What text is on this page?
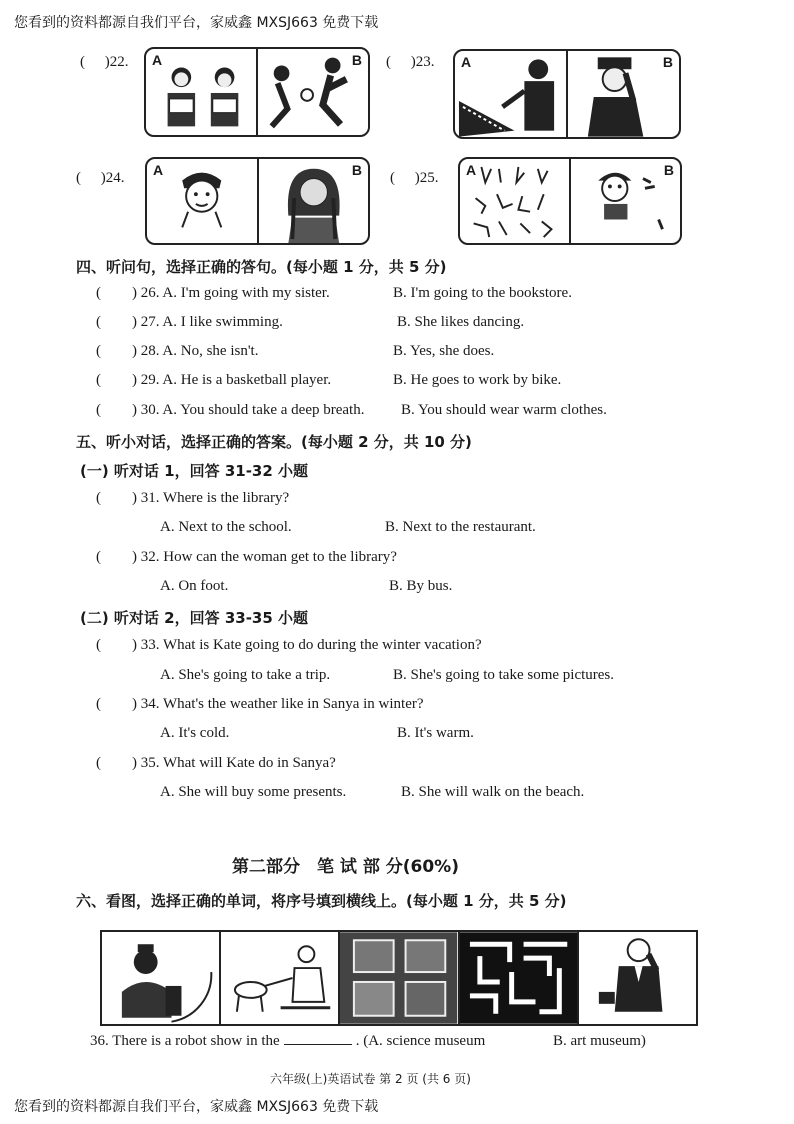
您看到的资料都源自我们平台，家威鑫 MXSJ663 免费下载
( )22. A	B ( )23. A	B
( )24. A	B ( )25. A	B
四、听问句，选择正确的答句。(每小题 1 分，共 5 分)
( ) 26. A. I'm going with my sister.	B. I'm going to the bookstore.
( ) 27. A. I like swimming.	B. She likes dancing.
( ) 28. A. No, she isn't.	B. Yes, she does.
( ) 29. A. He is a basketball player.	B. He goes to work by bike.
( ) 30. A. You should take a deep breath. B. You should wear warm clothes.
五、听小对话，选择正确的答案。(每小题 2 分，共 10 分)
(一) 听对话 1，回答 31-32 小题
( ) 31. Where is the library?
A. Next to the school.	B. Next to the restaurant.
( ) 32. How can the woman get to the library?
A. On foot.	B. By bus.
(二) 听对话 2，回答 33-35 小题
( ) 33. What is Kate going to do during the winter vacation?
A. She's going to take a trip.	B. She's going to take some pictures.
( ) 34. What's the weather like in Sanya in winter?
A. It's cold.	B. It's warm.
( ) 35. What will Kate do in Sanya?
A. She will buy some presents.	B. She will walk on the beach.
第二部分　笔 试 部 分(60%)
六、看图，选择正确的单词，将序号填到横线上。(每小题 1 分，共 5 分)
36. There is a robot show in the	. (A. science museum	B. art museum)
六年级(上)英语试卷 第 2 页 (共 6 页)
您看到的资料都源自我们平台，家威鑫 MXSJ663 免费下载
